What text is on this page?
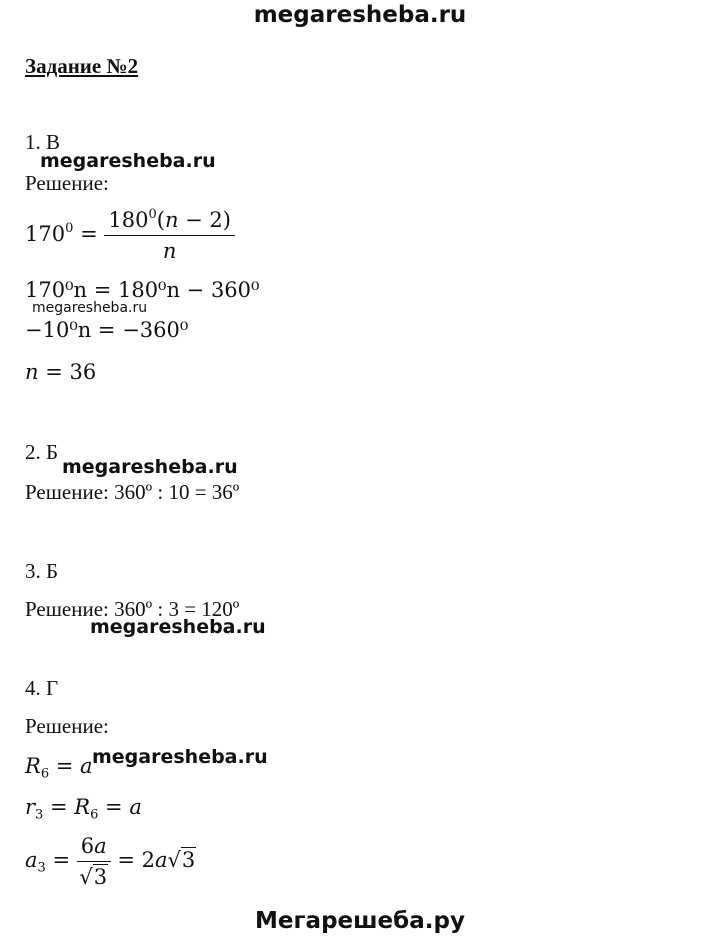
megaresheba.ru
Задание №2
1. В
megaresheba.ru
Решение:
$170^0 = \frac{180^0(n - 2)}{n}$
170⁰n = 180⁰n − 360⁰
megaresheba.ru
−10⁰n = −360⁰
n = 36
2. Б
megaresheba.ru
Решение: 360º : 10 = 36º
3. Б
Решение: 360º : 3 = 120º
megaresheba.ru
4. Г
Решение:
$R_6 = a$ megaresheba.ru
$r_3 = R_6 = a$
$a_3 = \frac{6a}{√3} = 2a√3$
Мегарешеба.ру
